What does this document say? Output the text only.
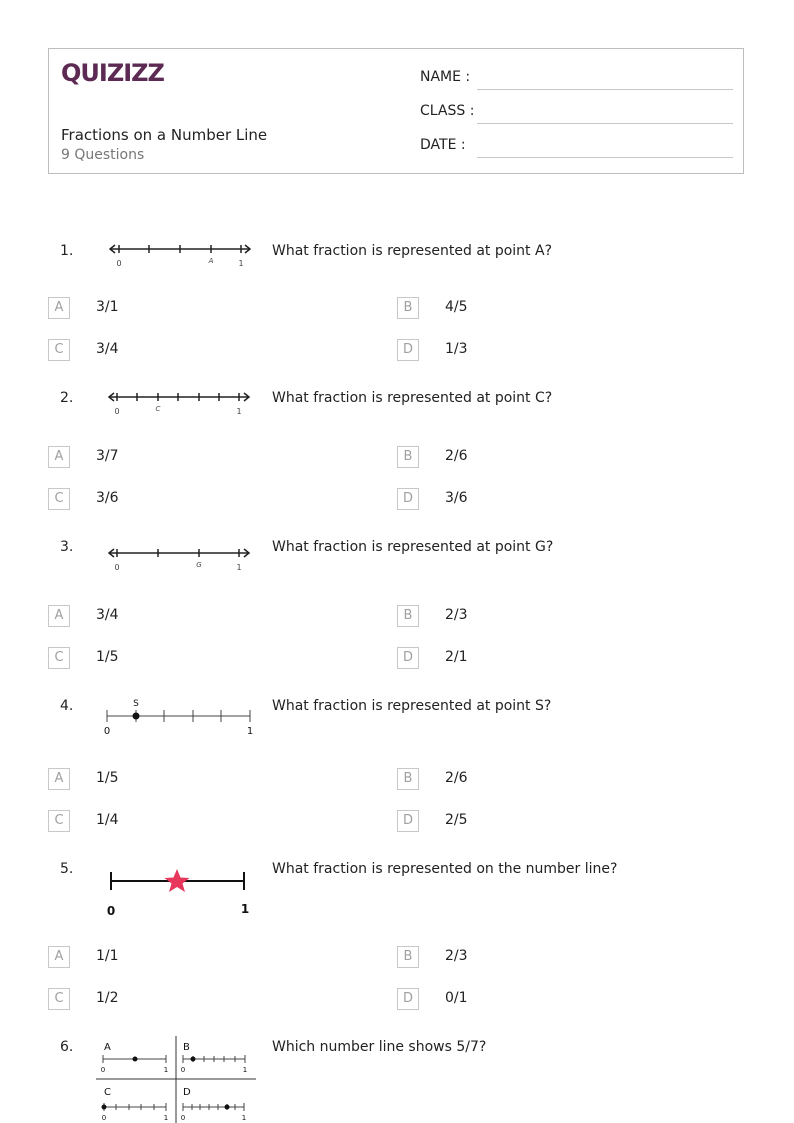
QUIZIZZ
Fractions on a Number Line
9 Questions
NAME :
CLASS :
DATE :
1.
0	A	1
What fraction is represented at point A?
A	3/1	B	4/5
C	3/4	D	1/3
2.
0	C	1
What fraction is represented at point C?
A	3/7	B	2/6
C	3/6	D	3/6
3.
0	G	1
What fraction is represented at point G?
A	3/4	B	2/3
C	1/5	D	2/1
4.	S
0	1
What fraction is represented at point S?
A	1/5	B	2/6
C	1/4	D	2/5
5.
0	1
What fraction is represented on the number line?
A	1/1	B	2/3
C	1/2	D	0/1
6.	A
0	1
B
0	1
C
0	1
D
0	1
Which number line shows 5/7?
